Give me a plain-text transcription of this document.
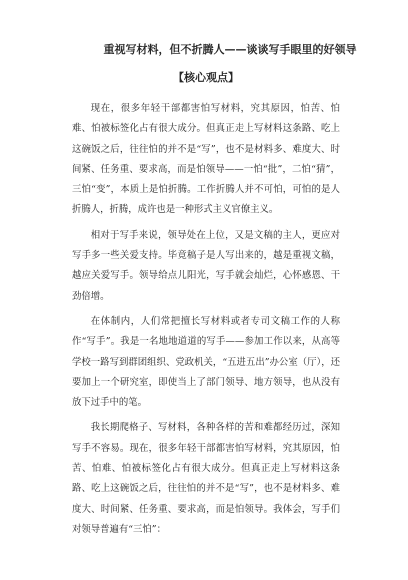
重视写材料，但不折腾人——谈谈写手眼里的好领导
【核心观点】

现在，很多年轻干部都害怕写材料，究其原因，怕苦、怕难、怕被标签化占有很大成分。但真正走上写材料这条路、吃上这碗饭之后，往往怕的并不是“写”，也不是材料多、难度大、时间紧、任务重、要求高，而是怕领导——一怕“批”，二怕“猜”，三怕“变”，本质上是怕折腾。工作折腾人并不可怕，可怕的是人折腾人，折腾，成许也是一种形式主义官僚主义。

相对于写手来说，领导处在上位，又是文稿的主人，更应对写手多一些关爱支持。毕竟稿子是人写出来的，越是重视文稿，越应关爱写手。领导给点儿阳光，写手就会灿烂，心怀感恩、干劲倍增。

在体制内，人们常把擅长写材料或者专司文稿工作的人称作“写手”。我是一名地地道道的写手——参加工作以来，从高等学校一路写到群团组织、党政机关，“五进五出”办公室（厅），还要加上一个研究室，即使当上了部门领导、地方领导，也从没有放下过手中的笔。

我长期爬格子、写材料，各种各样的苦和难都经历过，深知写手不容易。现在，很多年轻干部都害怕写材料，究其原因，怕苦、怕难、怕被标签化占有很大成分。但真正走上写材料这条路、吃上这碗饭之后，往往怕的并不是“写”，也不是材料多、难度大、时间紧、任务重、要求高，而是怕领导。我体会，写手们对领导普遍有“三怕”：
